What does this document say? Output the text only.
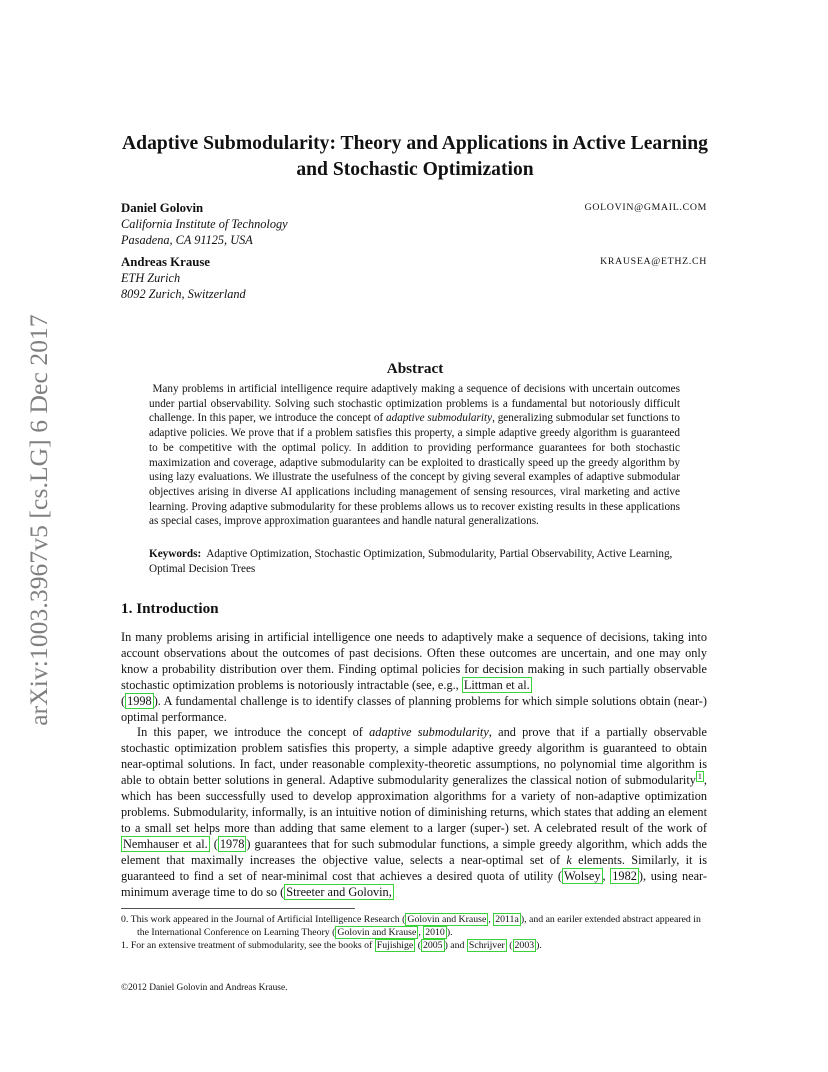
arXiv:1003.3967v5 [cs.LG] 6 Dec 2017
Adaptive Submodularity: Theory and Applications in Active Learning
and Stochastic Optimization
Daniel Golovin	GOLOVIN@GMAIL.COM
California Institute of Technology
Pasadena, CA 91125, USA
Andreas Krause	KRAUSEA@ETHZ.CH
ETH Zurich
8092 Zurich, Switzerland
Abstract

Many problems in artificial intelligence require adaptively making a sequence of decisions with uncertain outcomes under partial observability. Solving such stochastic optimization problems is a fundamental but notoriously difficult challenge. In this paper, we introduce the concept of adaptive submodularity, generalizing submodular set functions to adaptive policies. We prove that if a problem satisfies this property, a simple adaptive greedy algorithm is guaranteed to be competitive with the optimal policy. In addition to providing performance guarantees for both stochastic maximization and coverage, adaptive submodularity can be exploited to drastically speed up the greedy algorithm by using lazy evaluations. We illustrate the usefulness of the concept by giving several examples of adaptive submodular objectives arising in diverse AI applications including management of sensing resources, viral marketing and active learning. Proving adaptive submodularity for these problems allows us to recover existing results in these applications as special cases, improve approximation guarantees and handle natural generalizations.

Keywords: Adaptive Optimization, Stochastic Optimization, Submodularity, Partial Observability, Active Learning, Optimal Decision Trees

1. Introduction

In many problems arising in artificial intelligence one needs to adaptively make a sequence of decisions, taking into account observations about the outcomes of past decisions. Often these outcomes are uncertain, and one may only know a probability distribution over them. Finding optimal policies for decision making in such partially observable stochastic optimization problems is notoriously intractable (see, e.g., Littman et al.
( 1998 ). A fundamental challenge is to identify classes of planning problems for which simple solutions obtain (near-) optimal performance.

In this paper, we introduce the concept of adaptive submodularity, and prove that if a partially observable stochastic optimization problem satisfies this property, a simple adaptive greedy algorithm is guaranteed to obtain near-optimal solutions. In fact, under reasonable complexity-theoretic assumptions, no polynomial time algorithm is able to obtain better solutions in general. Adaptive submodularity generalizes the classical notion of submodularity $^1$ , which has been successfully used to develop approximation algorithms for a variety of non-adaptive optimization problems. Submodularity, informally, is an intuitive notion of diminishing returns, which states that adding an element to a small set helps more than adding that same element to a larger (super-) set. A celebrated result of the work of Nemhauser et al. ( 1978 ) guarantees that for such submodular functions, a simple greedy algorithm, which adds the element that maximally increases the objective value, selects a near-optimal set of k elements. Similarly, it is guaranteed to find a set of near-minimal cost that achieves a desired quota of utility ( Wolsey , 1982 ), using near-minimum average time to do so ( Streeter and Golovin,

0. This work appeared in the Journal of Artificial Intelligence Research ( Golovin and Krause , 2011a ), and an eariler extended abstract appeared in the International Conference on Learning Theory ( Golovin and Krause , 2010 ).

1. For an extensive treatment of submodularity, see the books of Fujishige ( 2005 ) and Schrijver ( 2003 ).

©2012 Daniel Golovin and Andreas Krause.
